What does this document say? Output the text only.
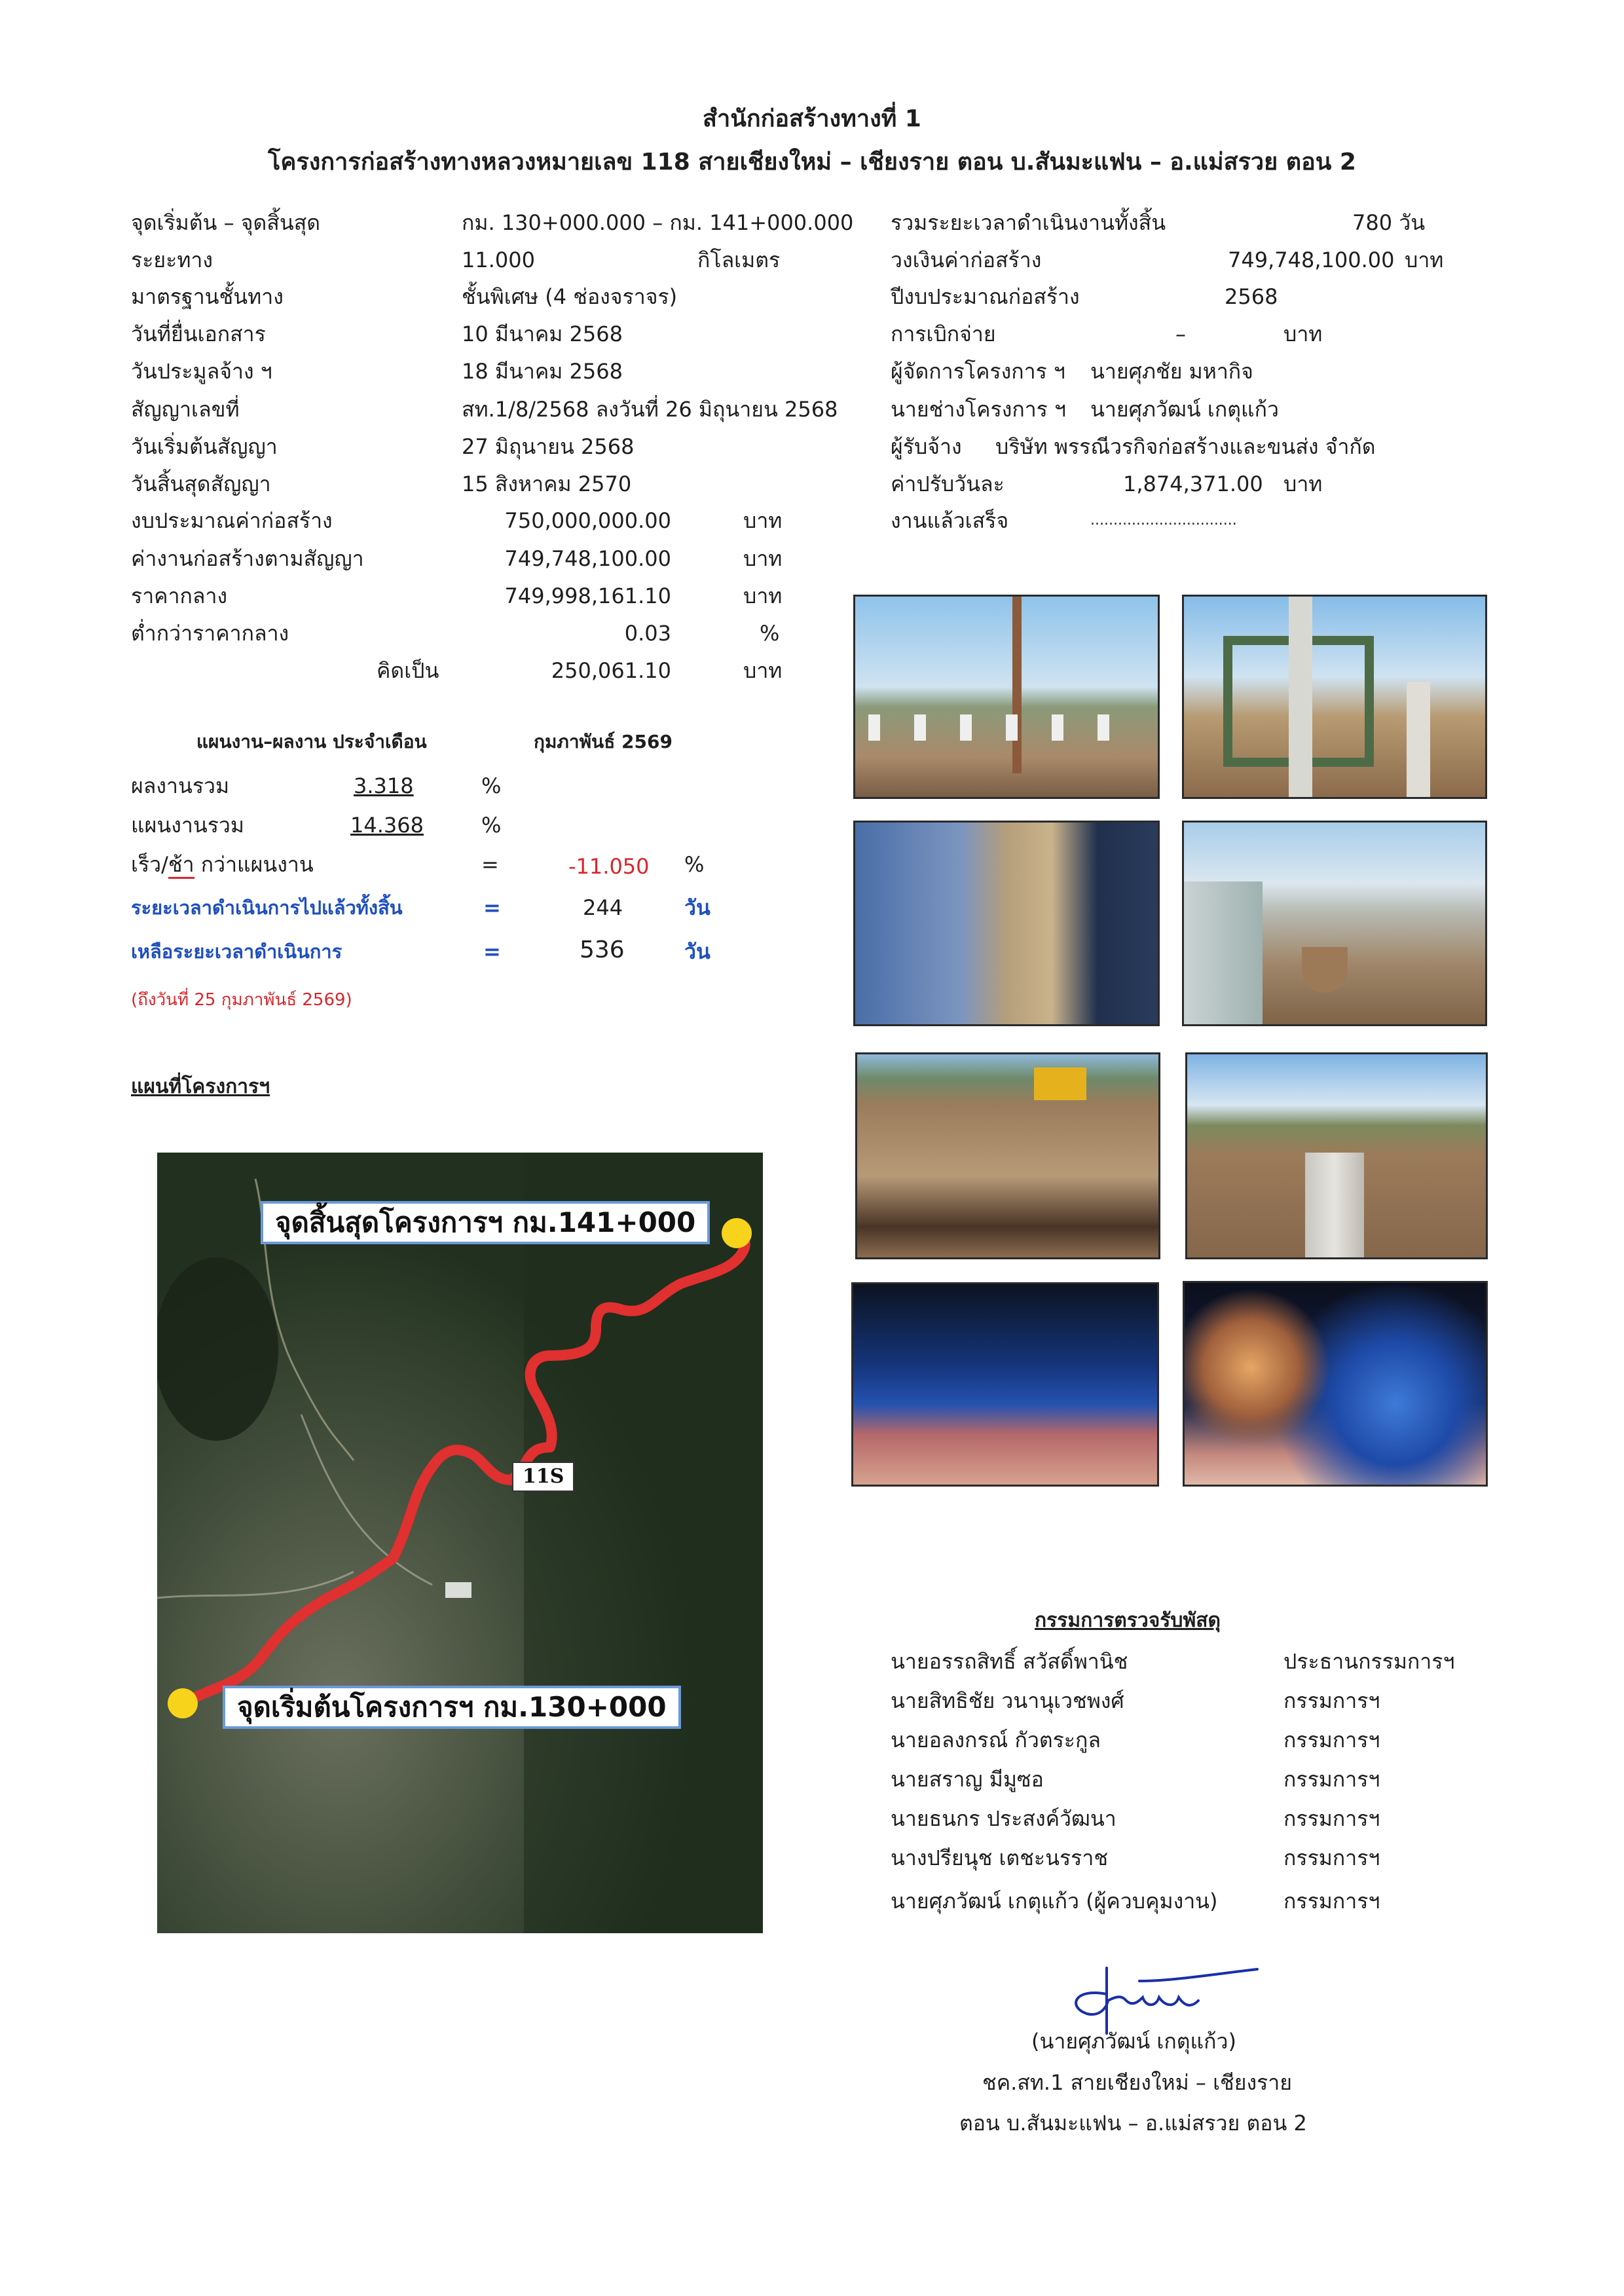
สำนักก่อสร้างทางที่ 1
โครงการก่อสร้างทางหลวงหมายเลข 118 สายเชียงใหม่ – เชียงราย ตอน บ.สันมะแฟน – อ.แม่สรวย ตอน 2
จุดเริ่มต้น – จุดสิ้นสุด	กม. 130+000.000 – กม. 141+000.000
ระยะทาง	11.000	กิโลเมตร
มาตรฐานชั้นทาง	ชั้นพิเศษ (4 ช่องจราจร)
วันที่ยื่นเอกสาร	10 มีนาคม 2568
วันประมูลจ้าง ฯ	18 มีนาคม 2568
สัญญาเลขที่	สท.1/8/2568 ลงวันที่ 26 มิถุนายน 2568
วันเริ่มต้นสัญญา	27 มิถุนายน 2568
วันสิ้นสุดสัญญา	15 สิงหาคม 2570
งบประมาณค่าก่อสร้าง	750,000,000.00	บาท
ค่างานก่อสร้างตามสัญญา	749,748,100.00	บาท
ราคากลาง	749,998,161.10	บาท
ต่ำกว่าราคากลาง	0.03	%
คิดเป็น	250,061.10	บาท
รวมระยะเวลาดำเนินงานทั้งสิ้น	780 วัน
วงเงินค่าก่อสร้าง	749,748,100.00 บาท
ปีงบประมาณก่อสร้าง	2568
การเบิกจ่าย	–	บาท
ผู้จัดการโครงการ ฯ นายศุภชัย มหากิจ
นายช่างโครงการ ฯ นายศุภวัฒน์ เกตุแก้ว
ผู้รับจ้าง บริษัท พรรณีวรกิจก่อสร้างและขนส่ง จำกัด
ค่าปรับวันละ	1,874,371.00 บาท
งานแล้วเสร็จ	................................
แผนงาน–ผลงาน ประจำเดือน	กุมภาพันธ์ 2569
ผลงานรวม	3.318	%
แผนงานรวม	14.368	%
เร็ว/ช้า กว่าแผนงาน	=	-11.050 %
ระยะเวลาดำเนินการไปแล้วทั้งสิ้น	=	244	วัน
เหลือระยะเวลาดำเนินการ	=	536	วัน
(ถึงวันที่ 25 กุมภาพันธ์ 2569)
แผนที่โครงการฯ
จุดสิ้นสุดโครงการฯ กม.141+000
จุดเริ่มต้นโครงการฯ กม.130+000
11S
กรรมการตรวจรับพัสดุ
นายอรรถสิทธิ์ สวัสดิ์พานิช	ประธานกรรมการฯ
นายสิทธิชัย วนานุเวชพงศ์	กรรมการฯ
นายอลงกรณ์ กัวตระกูล	กรรมการฯ
นายสราญ มีมูซอ	กรรมการฯ
นายธนกร ประสงค์วัฒนา	กรรมการฯ
นางปรียนุช เตชะนรราช	กรรมการฯ
นายศุภวัฒน์ เกตุแก้ว (ผู้ควบคุมงาน)	กรรมการฯ
(นายศุภวัฒน์ เกตุแก้ว)
ชค.สท.1 สายเชียงใหม่ – เชียงราย
ตอน บ.สันมะแฟน – อ.แม่สรวย ตอน 2
